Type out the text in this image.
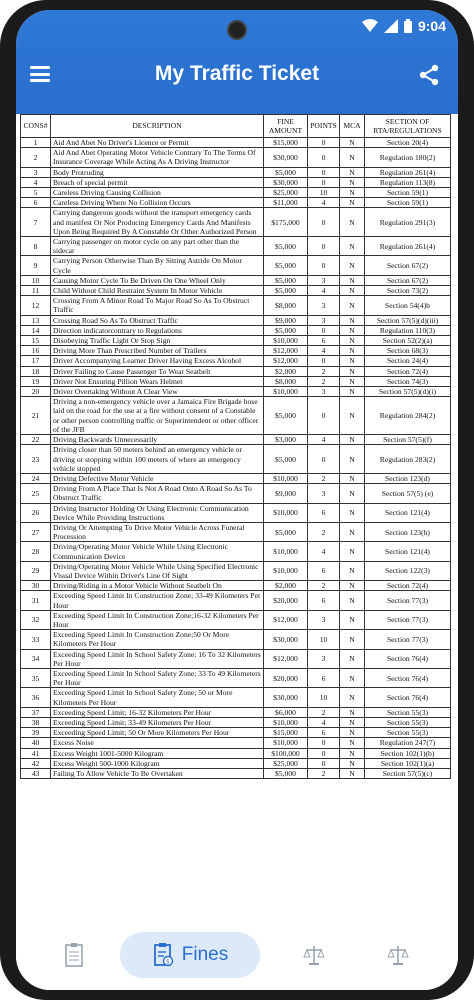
9:04
My Traffic Ticket
CONS#	DESCRIPTION	FINE AMOUNT	POINTS	MCA	SECTION OF RTA/REGULATIONS
1	Aid And Abet No Driver's Licence or Permit	$15,000	0	N	Section 20(4)
2	Aid And Abet Operating Motor Vehicle Contrary To The Terms Of Insurance Coverage While Acting As A Driving Instructor	$30,000	0	N	Regulation 180(2)
3	Body Protruding	$5,000	0	N	Regulation 261(4)
4	Breach of special permit	$30,000	0	N	Regulation 113(8)
5	Careless Driving Causing Collision	$25,000	10	N	Section 59(1)
6	Careless Driving Where No Collision Occurs	$11,000	4	N	Section 59(1)
7	Carrying dangerous goods without the transport emergency cards and manifest Or Not Producing Emergency Cards And Manifests Upon Being Required By A Constable Or Other Authorized Person	$175,000	0	N	Regulation 291(3)
8	Carrying passenger on motor cycle on any part other than the sidecar	$5,000	0	N	Regulation 261(4)
9	Carrying Person Otherwise Than By Sitting Astride On Motor Cycle	$5,000	0	N	Section 67(2)
10	Causing Motor Cycle To Be Driven On One Wheel Only	$5,000	3	N	Section 67(2)
11	Child Without Child Restraint System In Motor Vehicle	$5,000	4	N	Section 73(2)
12	Crossing From A Minor Road To Major Road So As To Obstruct Traffic	$8,000	3	N	Section 54(4)b
13	Crossing Road So As To Obstruct Traffic	$9,000	3	N	Section 57(5)(d)(iii)
14	Direction indicatorcontrary to Regulations	$5,000	0	N	Regulation 110(3)
15	Disobeying Traffic Light Or Stop Sign	$10,000	6	N	Section 52(2)(a)
16	Driving More Than Prescribed Number of Trailers	$12,000	4	N	Section 68(3)
17	Driver Accompanying Learner Driver Having Excess Alcohol	$12,000	0	N	Section 24(4)
18	Driver Failing to Cause Passenger To Wear Seatbelt	$2,000	2	N	Section 72(4)
19	Driver Not Ensuring Pillion Wears Helmet	$8,000	2	N	Section 74(3)
20	Driver Overtaking Without A Clear View	$10,000	3	N	Section 57(5)(d)(i)
21	Driving a non-emergency vehicle over a Jamaica Fire Brigade hose laid on the road for the use at a fire without consent of a Constable or other person controlling traffic or Superintendent or other officer of the JFB	$5,000	0	N	Regulation 284(2)
22	Driving Backwards Unnecessarily	$3,000	4	N	Section 57(5)(f)
23	Driving closer than 50 meters behind an emergency vehicle or driving or stopping within 100 meters of where an emergency vehicle stopped	$5,000	0	N	Regulation 283(2)
24	Driving Defective Motor Vehicle	$10,000	2	N	Section 123(d)
25	Driving From A Place That Is Not A Road Onto A Road So As To Obstruct Traffic	$9,000	3	N	Section 57(5) (e)
26	Driving Instructor Holding Or Using Electronic Communication Device While Providing Instructions	$10,000	6	N	Section 121(4)
27	Driving Or Attempting To Drive Motor Vehicle Across Funeral Procession	$5,000	2	N	Section 123(h)
28	Driving/Operating Motor Vehicle While Using Electronic Communication Device	$10,000	4	N	Section 121(4)
29	Driving/Operating Motor Vehicle While Using Specified Electronic Visual Device Within Driver's Line Of Sight	$10,000	6	N	Section 122(3)
30	Driving/Riding in a Motor Vehicle Without Seatbelt On	$2,000	2	N	Section 72(4)
31	Exceeding Speed Limit In Construction Zone; 33-49 Kilometers Per Hour	$20,000	6	N	Section 77(3)
32	Exceeding Speed Limit In Construction Zone;16-32 Kilometers Per Hour	$12,000	3	N	Section 77(3)
33	Exceeding Speed Limit In Construction Zone;50 Or More Kilometers Per Hour	$30,000	10	N	Section 77(3)
34	Exceeding Speed Limit In School Safety Zone; 16 To 32 Kilometers Per Hour	$12,000	3	N	Section 76(4)
35	Exceeding Speed Limit In School Safety Zone; 33 To 49 Kilometers Per Hour	$20,000	6	N	Section 76(4)
36	Exceeding Speed Limit In School Safety Zone; 50 or More Kilometers Per Hour	$30,000	10	N	Section 76(4)
37	Exceeding Speed Limit; 16-32 Kilometers Per Hour	$6,000	2	N	Section 55(3)
38	Exceeding Speed Limit; 33-49 Kilometers Per Hour	$10,000	4	N	Section 55(3)
39	Exceeding Speed Limit; 50 Or More Kilometers Per Hour	$15,000	6	N	Section 55(3)
40	Excess Noise	$10,000	0	N	Regulation 247(7)
41	Excess Weight 1001-5000 Kilogram	$100,000	0	N	Section 102(1)(b)
42	Excess Weight 500-1000 Kilogram	$25,000	0	N	Section 102(1)(a)
43	Failing To Allow Vehicle To Be Overtaken	$5,000	2	N	Section 57(5)(c)
$ Fines
